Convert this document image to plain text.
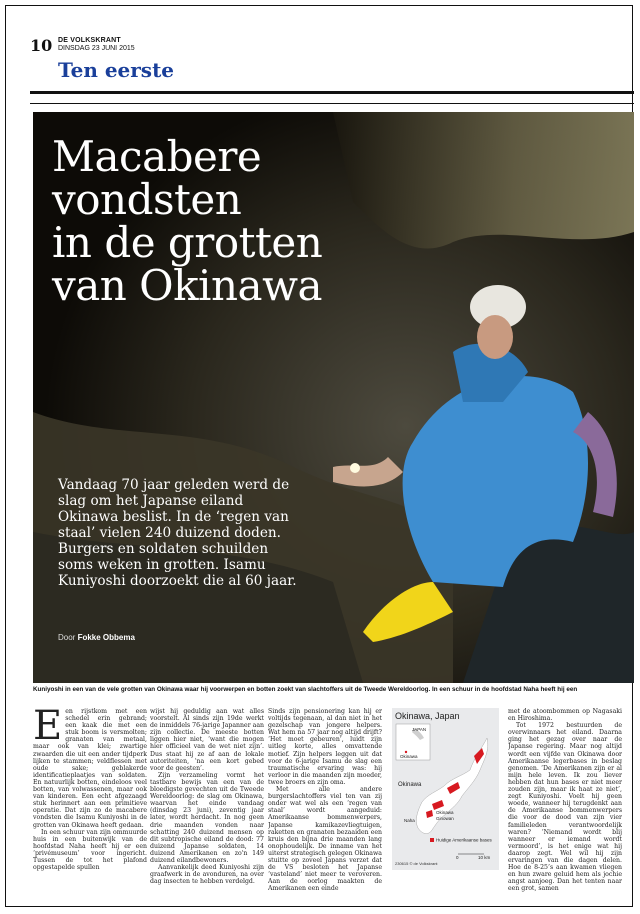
10 DE VOLKSKRANT
DINSDAG 23 JUNI 2015
Ten eerste
Macabere
vondsten
in de grotten
van Okinawa

Vandaag 70 jaar geleden werd de slag om het Japanse eiland Okinawa beslist. In de ‘regen van staal’ vielen 240 duizend doden. Burgers en soldaten schuilden soms weken in grotten. Isamu Kuniyoshi doorzoekt die al 60 jaar.

Door Fokke Obbema
Kuniyoshi in een van de vele grotten van Okinawa waar hij voorwerpen en botten zoekt van slachtoffers uit de Tweede Wereldoorlog. In een schuur in de hoofdstad Naha heeft hij een

Een rijstkom met een schedel erin gebrand; een kaak die met een stuk boom is versmolten; granaten van metaal, maar ook van klei; zwartige zwaarden die uit een ander tijdperk lijken te stammen; veldflessen met oude sake; geblakerde identificatieplaatjes van soldaten. En natuurlijk botten, eindeloos veel botten, van volwassenen, maar ook van kinderen. Een echt afgezaagd stuk herinnert aan een primitieve operatie. Dat zijn zo de macabere vondsten die Isamu Kuniyoshi in de grotten van Okinawa heeft gedaan.

In een schuur van zijn ommuurde huis in een buitenwijk van de hoofdstad Naha heeft hij er een ‘privémuseum’ voor ingericht. Tussen de tot het plafond opgestapelde spullen

wijst hij geduldig aan wat alles voorstelt. Al sinds zijn 19de werkt de inmiddels 76-jarige Japanner aan zijn collectie. De meeste botten liggen hier niet, ‘want die mogen hier officieel van de wet niet zijn’. Dus staat hij ze af aan de lokale autoriteiten, ‘na een kort gebed voor de geesten’.

Zijn verzameling vormt het tastbare bewijs van een van de bloedigste gevechten uit de Tweede Wereldoorlog: de slag om Okinawa, waarvan het einde vandaag (dinsdag 23 juni), zeventig jaar later, wordt herdacht. In nog geen drie maanden vonden naar schatting 240 duizend mensen op dit subtropische eiland de dood: 77 duizend Japanse soldaten, 14 duizend Amerikanen en zo'n 149 duizend eilandbewoners.

Aanvankelijk deed Kuniyoshi zijn graafwerk in de avonduren, na over dag insecten te hebben verdelgd.

Sinds zijn pensionering kan hij er voltijds tegenaan, al dan niet in het gezelschap van jongere helpers. Wat hem na 57 jaar nog altijd drijft? ‘Het moet gebeuren’, luidt zijn uitleg korte, alles omvattende motief. Zijn helpers leggen uit dat voor de 6-jarige Isamu de slag een traumatische ervaring was: hij verloor in die maanden zijn moeder, twee broers en zijn oma.

Met alle andere burgerslachtoffers viel ten van zij onder wat wel als een ‘regen van staal’ wordt aangeduid: Amerikaanse bommenwerpers, Japanse kamikazevliegtuigen, raketten en granaten bezaaiden een kruis den bijna drie maanden lang onophoudelijk. De inname van het uiterst strategisch gelegen Okinawa stuitte op zoveel Japans verzet dat de VS besloten het Japanse ‘vasteland’ niet meer te veroveren. Aan de oorlog maakten de Amerikanen een einde

Okinawa, Japan
JAPAN
Okinawa
Okinawa
Naha
Okinawa
Ginowan
Huidige Amerikaanse bases
0	10 km
230615 © de Volkskrant

met de atoombommen op Nagasaki en Hiroshima.

Tot 1972 bestuurden de overwinnaars het eiland. Daarna ging het gezag over naar de Japanse regering. Maar nog altijd wordt een vijfde van Okinawa door Amerikaanse legerbases in beslag genomen. ‘De Amerikanen zijn er al mijn hele leven. Ik zou liever hebben dat hun bases er niet meer zouden zijn, maar ik haat ze niet’, zegt Kuniyoshi. Voelt hij geen woede, wanneer hij terugdenkt aan de Amerikaanse bommenwerpers die voor de dood van zijn vier familieleden verantwoordelijk waren? ‘Niemand wordt blij wanneer er iemand wordt vermoord’, is het enige wat hij daarop zegt. Wel wil hij zijn ervaringen van die dagen delen. Hoe de 8-25’s aan kwamen vliegen en hun zware geluid hem als jochie angst aanjoeg. Dan het tenten naar een grot, samen
